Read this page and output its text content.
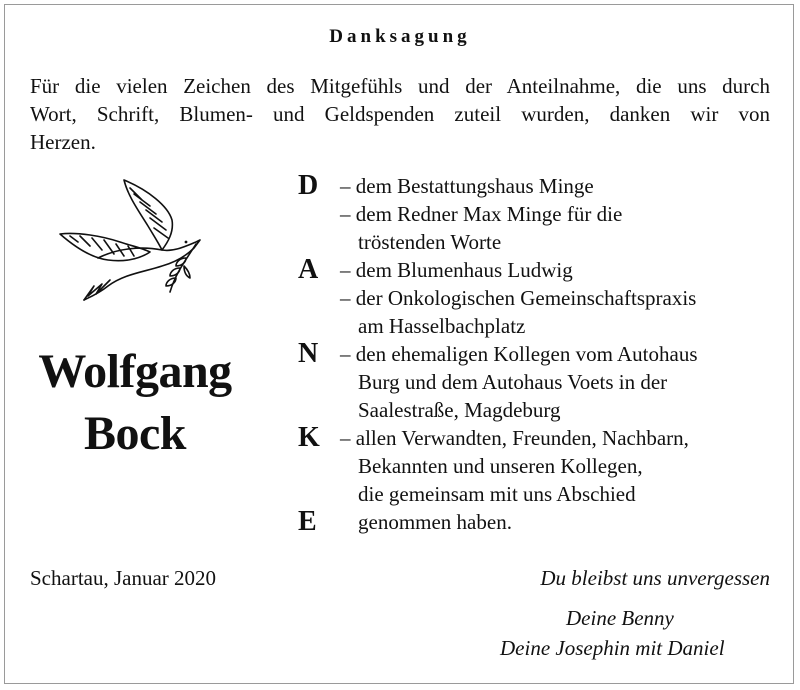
Danksagung
Für die vielen Zeichen des Mitgefühls und der Anteilnahme, die uns durch
Wort, Schrift, Blumen- und Geldspenden zuteil wurden, danken wir von
Herzen.
Wolfgang
Bock
D
A
N
K
E
– dem Bestattungshaus Minge
– dem Redner Max Minge für die
tröstenden Worte
– dem Blumenhaus Ludwig
– der Onkologischen Gemeinschaftspraxis
am Hasselbachplatz
– den ehemaligen Kollegen vom Autohaus
Burg und dem Autohaus Voets in der
Saalestraße, Magdeburg
– allen Verwandten, Freunden, Nachbarn,
Bekannten und unseren Kollegen,
die gemeinsam mit uns Abschied
genommen haben.
Schartau, Januar 2020	Du bleibst uns unvergessen
Deine Benny
Deine Josephin mit Daniel
